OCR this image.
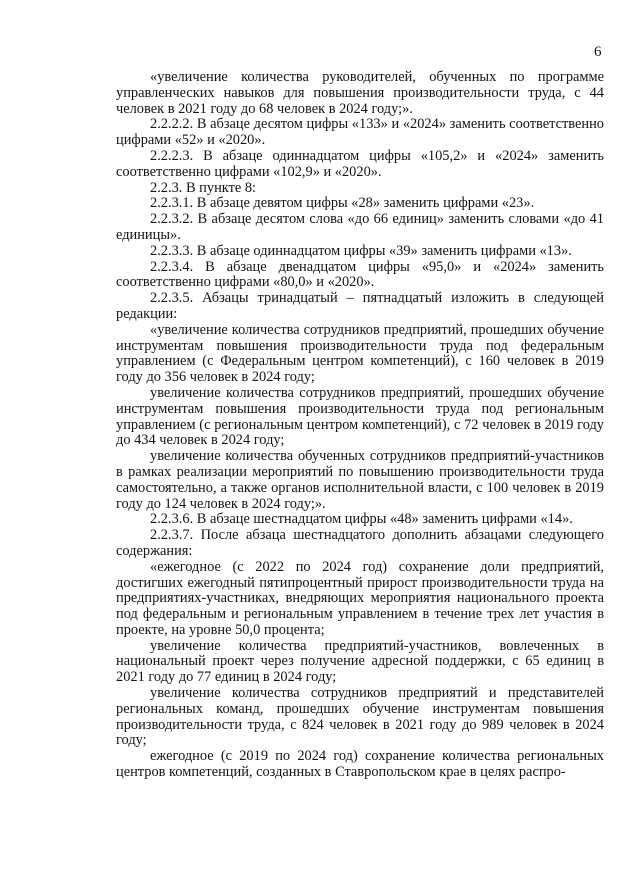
6

«увеличение количества руководителей, обученных по программе управленческих навыков для повышения производительности труда, с 44 человек в 2021 году до 68 человек в 2024 году;».

2.2.2.2. В абзаце десятом цифры «133» и «2024» заменить соответственно цифрами «52» и «2020».

2.2.2.3. В абзаце одиннадцатом цифры «105,2» и «2024» заменить соответственно цифрами «102,9» и «2020».

2.2.3. В пункте 8:

2.2.3.1. В абзаце девятом цифры «28» заменить цифрами «23».

2.2.3.2. В абзаце десятом слова «до 66 единиц» заменить словами «до 41 единицы».

2.2.3.3. В абзаце одиннадцатом цифры «39» заменить цифрами «13».

2.2.3.4. В абзаце двенадцатом цифры «95,0» и «2024» заменить соответственно цифрами «80,0» и «2020».

2.2.3.5. Абзацы тринадцатый – пятнадцатый изложить в следующей редакции:

«увеличение количества сотрудников предприятий, прошедших обучение инструментам повышения производительности труда под федеральным управлением (с Федеральным центром компетенций), с 160 человек в 2019 году до 356 человек в 2024 году;

увеличение количества сотрудников предприятий, прошедших обучение инструментам повышения производительности труда под региональным управлением (с региональным центром компетенций), с 72 человек в 2019 году до 434 человек в 2024 году;

увеличение количества обученных сотрудников предприятий-участников в рамках реализации мероприятий по повышению производительности труда самостоятельно, а также органов исполнительной власти, с 100 человек в 2019 году до 124 человек в 2024 году;».

2.2.3.6. В абзаце шестнадцатом цифры «48» заменить цифрами «14».

2.2.3.7. После абзаца шестнадцатого дополнить абзацами следующего содержания:

«ежегодное (с 2022 по 2024 год) сохранение доли предприятий, достигших ежегодный пятипроцентный прирост производительности труда на предприятиях-участниках, внедряющих мероприятия национального проекта под федеральным и региональным управлением в течение трех лет участия в проекте, на уровне 50,0 процента;

увеличение количества предприятий-участников, вовлеченных в национальный проект через получение адресной поддержки, с 65 единиц в 2021 году до 77 единиц в 2024 году;

увеличение количества сотрудников предприятий и представителей региональных команд, прошедших обучение инструментам повышения производительности труда, с 824 человек в 2021 году до 989 человек в 2024 году;

ежегодное (с 2019 по 2024 год) сохранение количества региональных центров компетенций, созданных в Ставропольском крае в целях распро-
